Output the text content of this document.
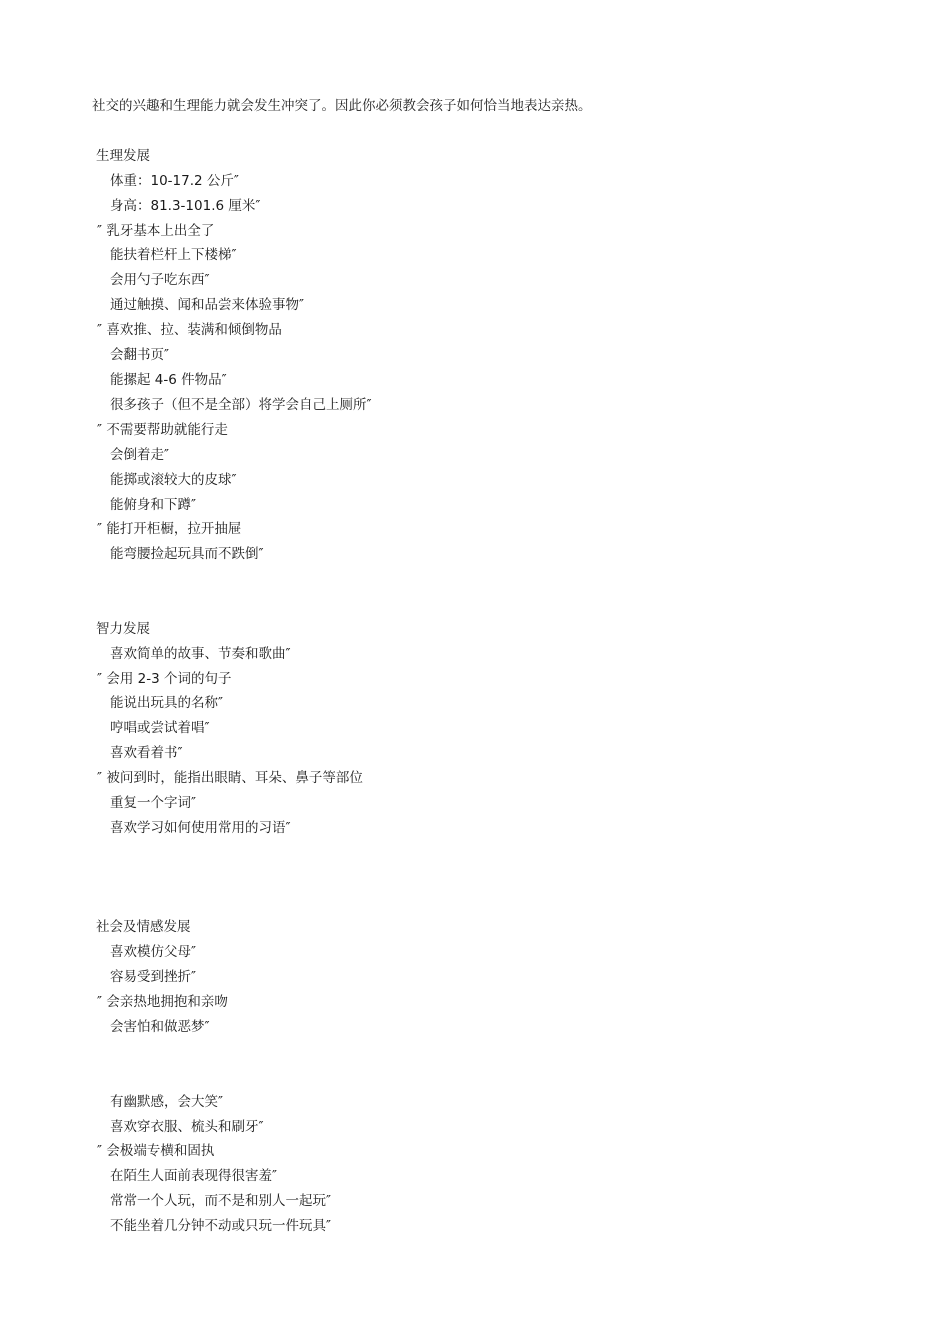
社交的兴趣和生理能力就会发生冲突了。因此你必须教会孩子如何恰当地表达亲热。
生理发展
体重：10-17.2 公斤″
身高：81.3-101.6 厘米″
″ 乳牙基本上出全了
能扶着栏杆上下楼梯″
会用勺子吃东西″
通过触摸、闻和品尝来体验事物″
″ 喜欢推、拉、装满和倾倒物品
会翻书页″
能摞起 4-6 件物品″
很多孩子（但不是全部）将学会自己上厕所″
″ 不需要帮助就能行走
会倒着走″
能掷或滚较大的皮球″
能俯身和下蹲″
″ 能打开柜橱，拉开抽屉
能弯腰捡起玩具而不跌倒″
智力发展
喜欢简单的故事、节奏和歌曲″
″ 会用 2-3 个词的句子
能说出玩具的名称″
哼唱或尝试着唱″
喜欢看着书″
″ 被问到时，能指出眼睛、耳朵、鼻子等部位
重复一个字词″
喜欢学习如何使用常用的习语″
社会及情感发展
喜欢模仿父母″
容易受到挫折″
″ 会亲热地拥抱和亲吻
会害怕和做恶梦″
有幽默感，会大笑″
喜欢穿衣服、梳头和刷牙″
″ 会极端专横和固执
在陌生人面前表现得很害羞″
常常一个人玩，而不是和别人一起玩″
不能坐着几分钟不动或只玩一件玩具″
